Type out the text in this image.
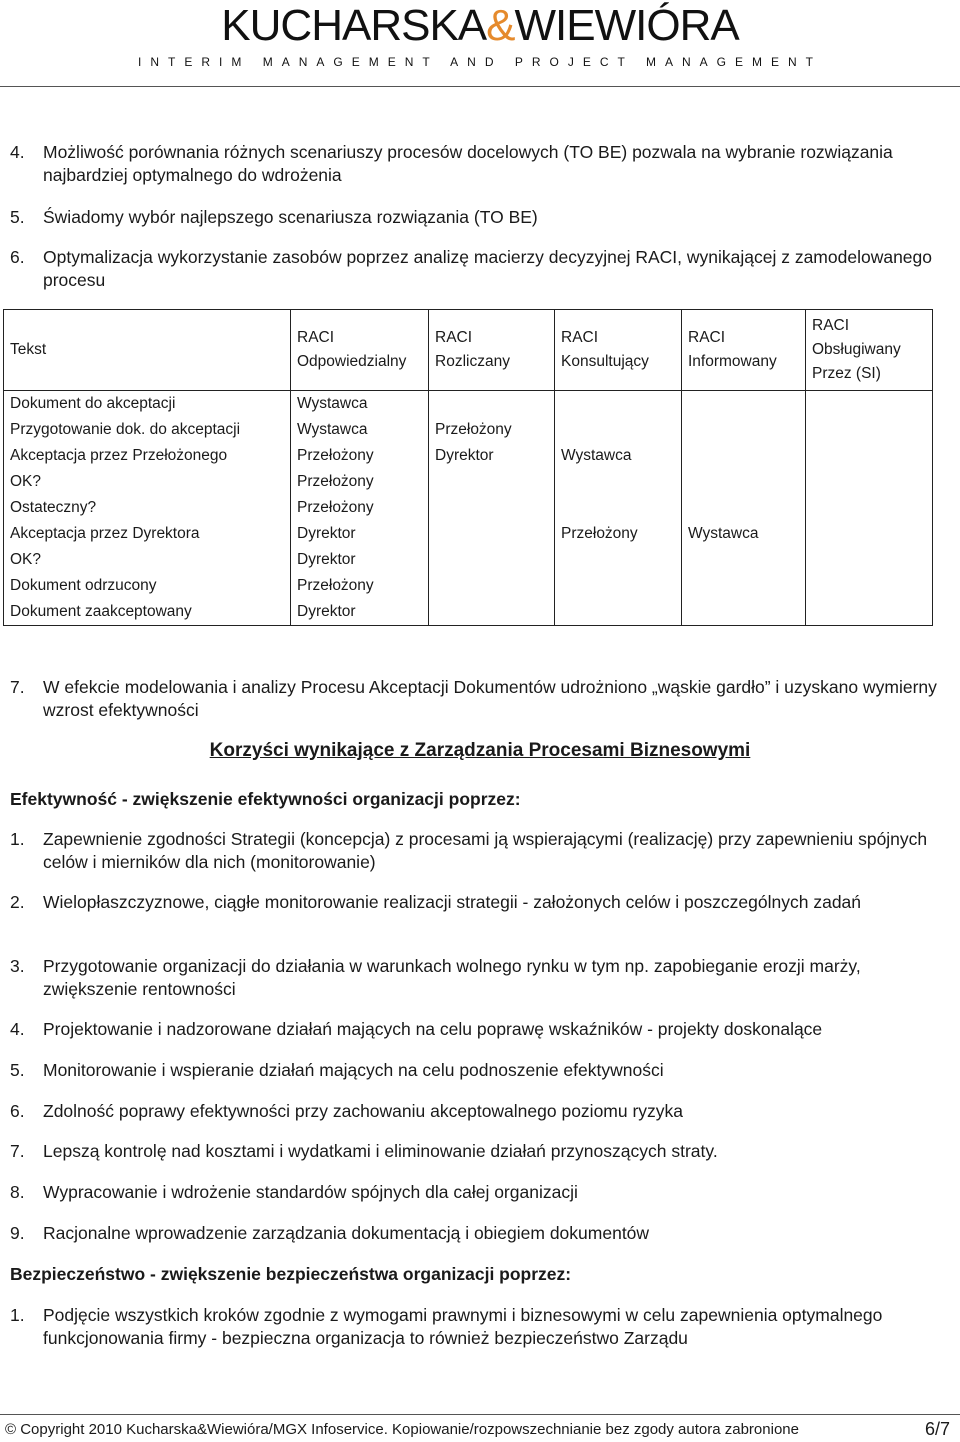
KUCHARSKA&WIEWIÓRA
INTERIM MANAGEMENT AND PROJECT MANAGEMENT
4.	Możliwość porównania różnych scenariuszy procesów docelowych (TO BE) pozwala na wybranie rozwiązania najbardziej optymalnego do wdrożenia
5.	Świadomy wybór najlepszego scenariusza rozwiązania (TO BE)
6.	Optymalizacja wykorzystanie zasobów poprzez analizę macierzy decyzyjnej RACI, wynikającej z zamodelowanego procesu
Tekst	RACI Odpowiedzialny	RACI Rozliczany	RACI Konsultujący	RACI Informowany	RACI Obsługiwany Przez (SI)
Dokument do akceptacji	Wystawca				
Przygotowanie dok. do akceptacji	Wystawca	Przełożony			
Akceptacja przez Przełożonego	Przełożony	Dyrektor	Wystawca		
OK?	Przełożony				
Ostateczny?	Przełożony				
Akceptacja przez Dyrektora	Dyrektor		Przełożony	Wystawca	
OK?	Dyrektor				
Dokument odrzucony	Przełożony				
Dokument zaakceptowany	Dyrektor				
7.	W efekcie modelowania i analizy Procesu Akceptacji Dokumentów udrożniono „wąskie gardło” i uzyskano wymierny wzrost efektywności
Korzyści wynikające z Zarządzania Procesami Biznesowymi
Efektywność - zwiększenie efektywności organizacji poprzez:
1.	Zapewnienie zgodności Strategii (koncepcja) z procesami ją wspierającymi (realizację) przy zapewnieniu spójnych celów i mierników dla nich (monitorowanie)
2.	Wielopłaszczyznowe, ciągłe monitorowanie realizacji strategii - założonych celów i poszczególnych zadań
3.	Przygotowanie organizacji do działania w warunkach wolnego rynku w tym np. zapobieganie erozji marży, zwiększenie rentowności
4.	Projektowanie i nadzorowane działań mających na celu poprawę wskaźników - projekty doskonalące
5.	Monitorowanie i wspieranie działań mających na celu podnoszenie efektywności
6.	Zdolność poprawy efektywności przy zachowaniu akceptowalnego poziomu ryzyka
7.	Lepszą kontrolę nad kosztami i wydatkami i eliminowanie działań przynoszących straty.
8.	Wypracowanie i wdrożenie standardów spójnych dla całej organizacji
9.	Racjonalne wprowadzenie zarządzania dokumentacją i obiegiem dokumentów
Bezpieczeństwo - zwiększenie bezpieczeństwa organizacji poprzez:
1.	Podjęcie wszystkich kroków zgodnie z wymogami prawnymi i biznesowymi w celu zapewnienia optymalnego funkcjonowania firmy - bezpieczna organizacja to również bezpieczeństwo Zarządu
© Copyright 2010 Kucharska&Wiewióra/MGX Infoservice. Kopiowanie/rozpowszechnianie bez zgody autora zabronione	6/7
